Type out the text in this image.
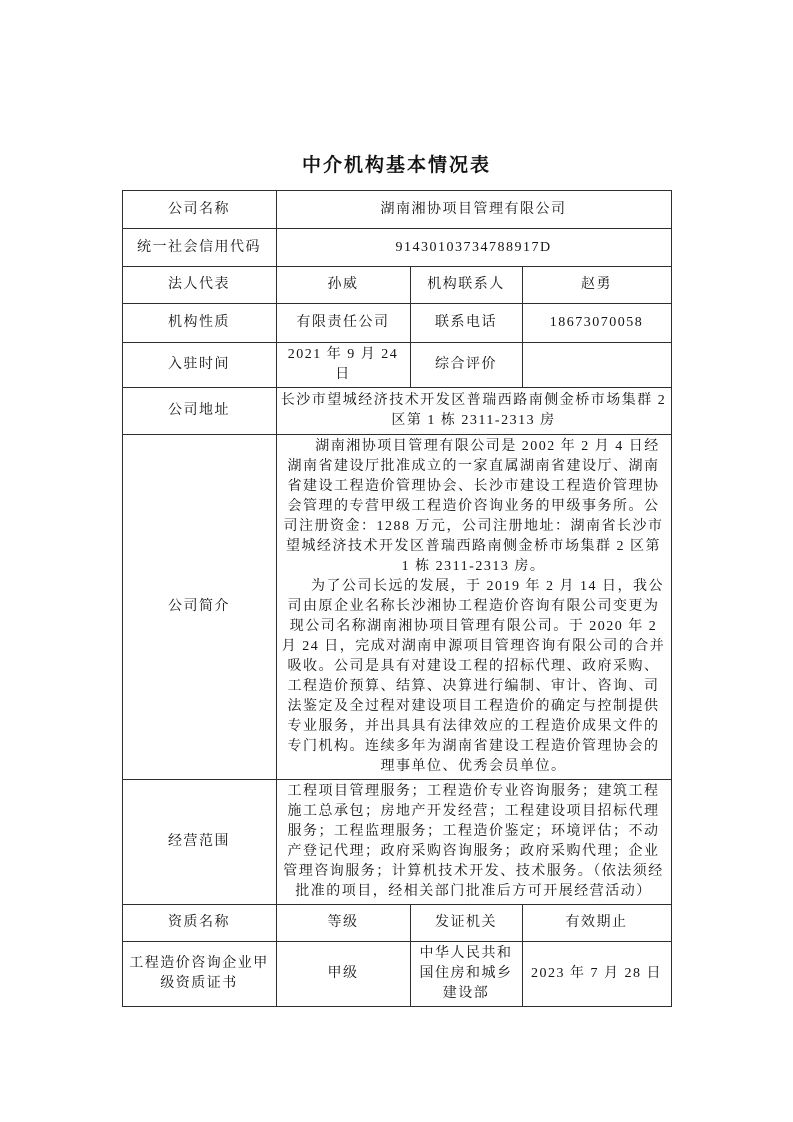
中介机构基本情况表
公司名称	湖南湘协项目管理有限公司		
统一社会信用代码	91430103734788917D		
法人代表	孙威	机构联系人	赵勇
机构性质	有限责任公司	联系电话	18673070058
入驻时间	2021 年 9 月 24 日	综合评价	
公司地址	长沙市望城经济技术开发区普瑞西路南侧金桥市场集群 2 区第 1 栋 2311-2313 房		
公司简介	湖南湘协项目管理有限公司是 2002 年 2 月 4 日经湖南省建设厅批准成立的一家直属湖南省建设厅、湖南省建设工程造价管理协会、长沙市建设工程造价管理协会管理的专营甲级工程造价咨询业务的甲级事务所。公司注册资金：1288 万元，公司注册地址：湖南省长沙市望城经济技术开发区普瑞西路南侧金桥市场集群 2 区第 1 栋 2311-2313 房。

为了公司长远的发展，于 2019 年 2 月 14 日，我公司由原企业名称长沙湘协工程造价咨询有限公司变更为现公司名称湖南湘协项目管理有限公司。于 2020 年 2 月 24 日，完成对湖南申源项目管理咨询有限公司的合并吸收。公司是具有对建设工程的招标代理、政府采购、工程造价预算、结算、决算进行编制、审计、咨询、司法鉴定及全过程对建设项目工程造价的确定与控制提供专业服务，并出具具有法律效应的工程造价成果文件的专门机构。连续多年为湖南省建设工程造价管理协会的理事单位、优秀会员单位。		

经营范围	工程项目管理服务；工程造价专业咨询服务；建筑工程施工总承包；房地产开发经营；工程建设项目招标代理服务；工程监理服务；工程造价鉴定；环境评估；不动产登记代理；政府采购咨询服务；政府采购代理；企业管理咨询服务；计算机技术开发、技术服务。（依法须经批准的项目，经相关部门批准后方可开展经营活动）		

资质名称	等级	发证机关	有效期止
工程造价咨询企业甲级资质证书	甲级	中华人民共和国住房和城乡建设部	2023 年 7 月 28 日
